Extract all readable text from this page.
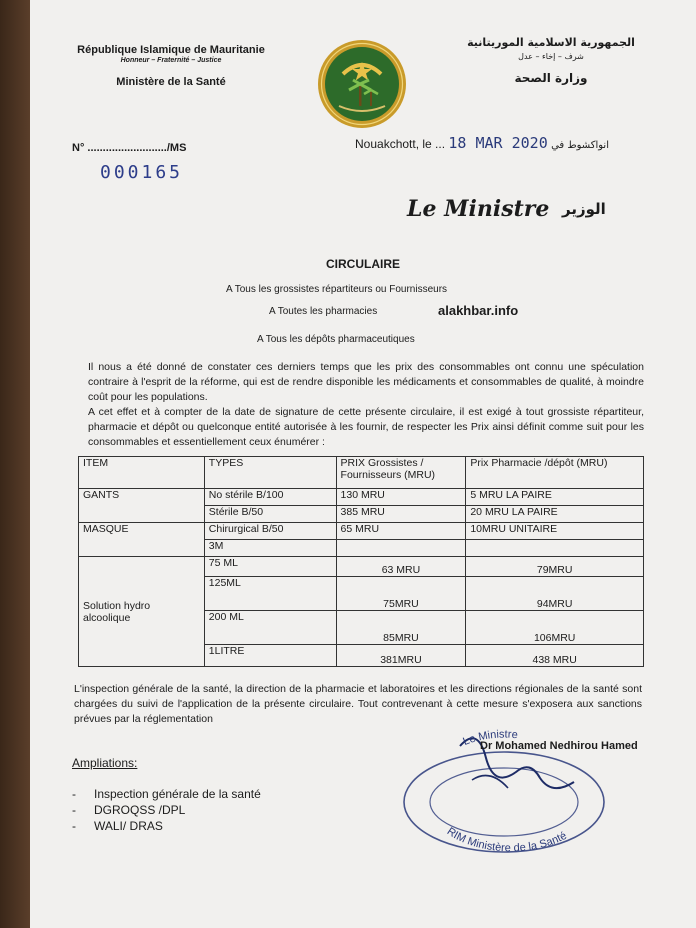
République Islamique de Mauritanie
Honneur – Fraternité – Justice
Ministère de la Santé
الجمهورية الاسلامية الموريتانية
شرف – إخاء – عدل
وزارة الصحة
N° ........................../MS
000165
Nouakchott, le ... 18 MAR 2020 انواكشوط في
Le Ministre الوزير
CIRCULAIRE
A Tous les grossistes répartiteurs ou Fournisseurs
A Toutes les pharmacies	alakhbar.info
A Tous les dépôts pharmaceutiques

Il nous a été donné de constater ces derniers temps que les prix des consommables ont connu une spéculation contraire à l'esprit de la réforme, qui est de rendre disponible les médicaments et consommables de qualité, à moindre coût pour les populations.

A cet effet et à compter de la date de signature de cette présente circulaire, il est exigé à tout grossiste répartiteur, pharmacie et dépôt ou quelconque entité autorisée à les fournir, de respecter les Prix ainsi définit comme suit pour les consommables et essentiellement ceux énumérer :

ITEM	TYPES	PRIX Grossistes / Fournisseurs (MRU)	Prix Pharmacie /dépôt (MRU)
GANTS	No stérile B/100	130 MRU	5 MRU LA PAIRE
	Stérile B/50	385 MRU	20 MRU LA PAIRE
MASQUE	Chirurgical B/50	65 MRU	10MRU UNITAIRE
	3M		
Solution hydro alcoolique	75 ML	63 MRU	79MRU
	125ML	75MRU	94MRU
	200 ML	85MRU	106MRU
	1LITRE	381MRU	438 MRU
L'inspection générale de la santé, la direction de la pharmacie et laboratoires et les directions régionales de la santé sont chargées du suivi de l'application de la présente circulaire. Tout contrevenant à cette mesure s'exposera aux sanctions prévues par la réglementation
Le Ministre
RIM Ministère de la Santé
Dr Mohamed Nedhirou Hamed
Ampliations:
- Inspection générale de la santé
- DGROQSS /DPL
- WALI/ DRAS
